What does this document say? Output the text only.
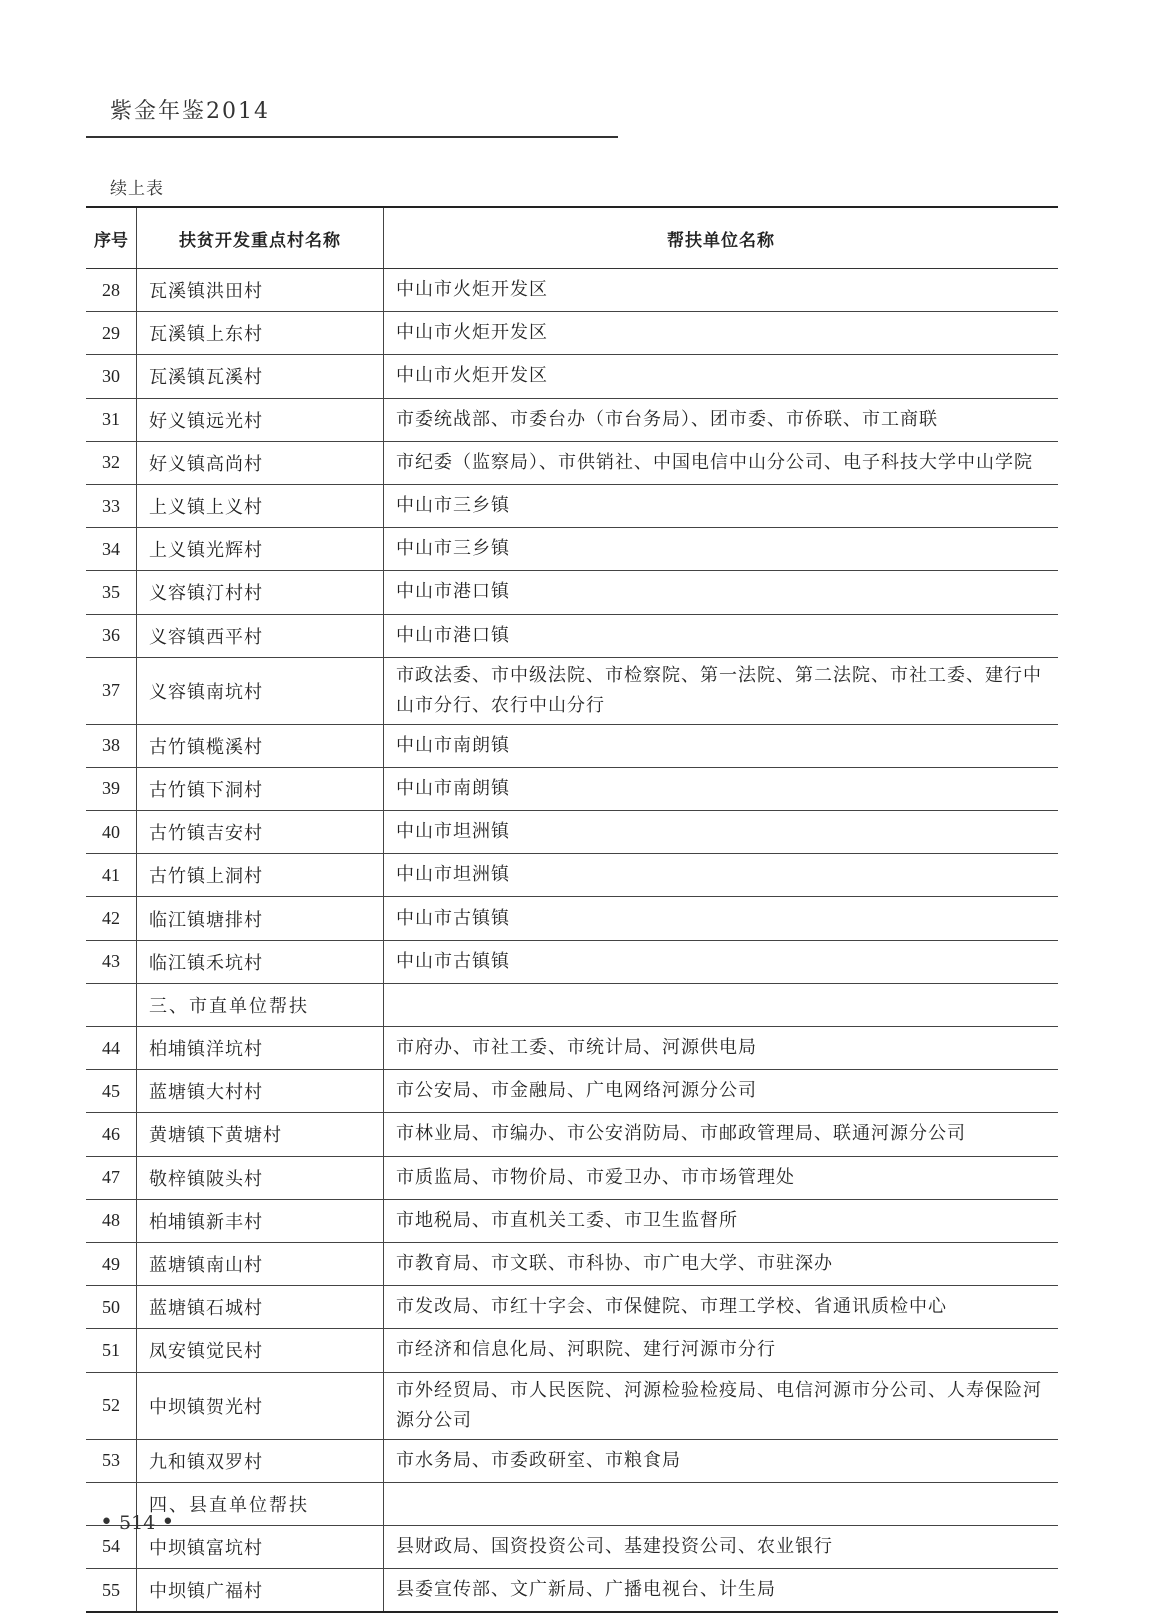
紫金年鉴2014
续上表
序号	扶贫开发重点村名称	帮扶单位名称
28	瓦溪镇洪田村	中山市火炬开发区
29	瓦溪镇上东村	中山市火炬开发区
30	瓦溪镇瓦溪村	中山市火炬开发区
31	好义镇远光村	市委统战部、市委台办（市台务局）、团市委、市侨联、市工商联
32	好义镇高尚村	市纪委（监察局）、市供销社、中国电信中山分公司、电子科技大学中山学院
33	上义镇上义村	中山市三乡镇
34	上义镇光辉村	中山市三乡镇
35	义容镇汀村村	中山市港口镇
36	义容镇西平村	中山市港口镇
37	义容镇南坑村	市政法委、市中级法院、市检察院、第一法院、第二法院、市社工委、建行中山市分行、农行中山分行
38	古竹镇榄溪村	中山市南朗镇
39	古竹镇下洞村	中山市南朗镇
40	古竹镇吉安村	中山市坦洲镇
41	古竹镇上洞村	中山市坦洲镇
42	临江镇塘排村	中山市古镇镇
43	临江镇禾坑村	中山市古镇镇
	三、市直单位帮扶	
44	柏埔镇洋坑村	市府办、市社工委、市统计局、河源供电局
45	蓝塘镇大村村	市公安局、市金融局、广电网络河源分公司
46	黄塘镇下黄塘村	市林业局、市编办、市公安消防局、市邮政管理局、联通河源分公司
47	敬梓镇陂头村	市质监局、市物价局、市爱卫办、市市场管理处
48	柏埔镇新丰村	市地税局、市直机关工委、市卫生监督所
49	蓝塘镇南山村	市教育局、市文联、市科协、市广电大学、市驻深办
50	蓝塘镇石城村	市发改局、市红十字会、市保健院、市理工学校、省通讯质检中心
51	凤安镇觉民村	市经济和信息化局、河职院、建行河源市分行
52	中坝镇贺光村	市外经贸局、市人民医院、河源检验检疫局、电信河源市分公司、人寿保险河源分公司
53	九和镇双罗村	市水务局、市委政研室、市粮食局
	四、县直单位帮扶	
54	中坝镇富坑村	县财政局、国资投资公司、基建投资公司、农业银行
55	中坝镇广福村	县委宣传部、文广新局、广播电视台、计生局
• 514 •
